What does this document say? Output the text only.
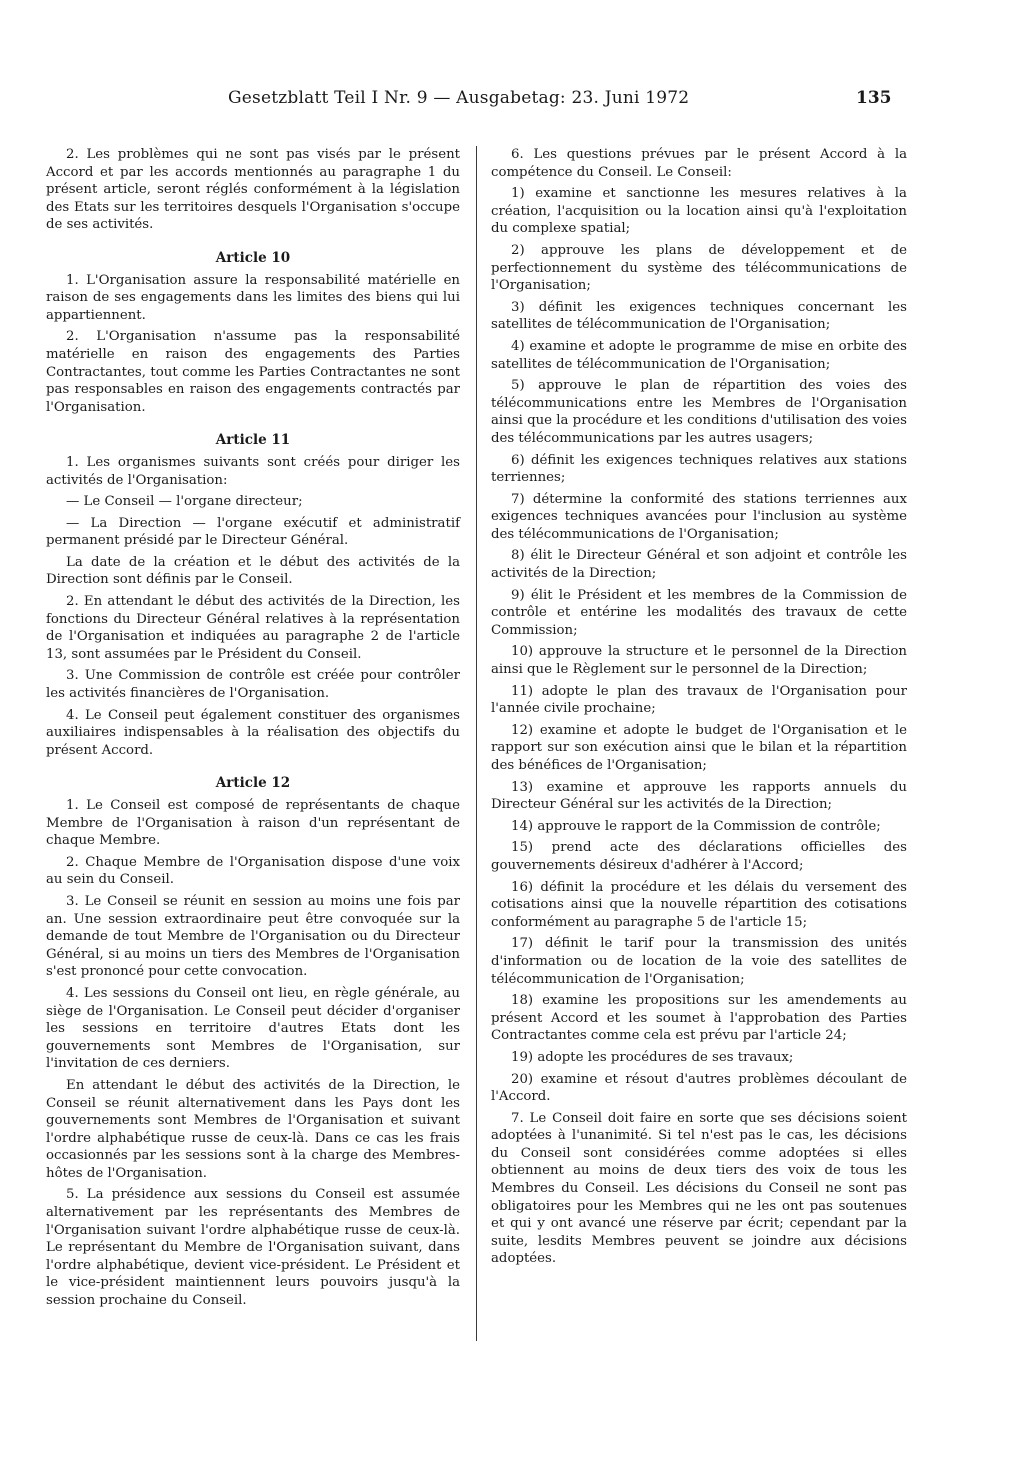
Gesetzblatt Teil I Nr. 9 — Ausgabetag: 23. Juni 1972	135

2. Les problèmes qui ne sont pas visés par le présent Accord et par les accords mentionnés au paragraphe 1 du présent article, seront réglés conformément à la législation des Etats sur les territoires desquels l'Organisation s'occupe de ses activités.

Article 10

1. L'Organisation assure la responsabilité matérielle en raison de ses engagements dans les limites des biens qui lui appartiennent.

2. L'Organisation n'assume pas la responsabilité matérielle en raison des engagements des Parties Contractantes, tout comme les Parties Contractantes ne sont pas responsables en raison des engagements contractés par l'Organisation.

Article 11

1. Les organismes suivants sont créés pour diriger les activités de l'Organisation:

— Le Conseil — l'organe directeur;

— La Direction — l'organe exécutif et administratif permanent présidé par le Directeur Général.

La date de la création et le début des activités de la Direction sont définis par le Conseil.

2. En attendant le début des activités de la Direction, les fonctions du Directeur Général relatives à la représentation de l'Organisation et indiquées au paragraphe 2 de l'article 13, sont assumées par le Président du Conseil.

3. Une Commission de contrôle est créée pour contrôler les activités financières de l'Organisation.

4. Le Conseil peut également constituer des organismes auxiliaires indispensables à la réalisation des objectifs du présent Accord.

Article 12

1. Le Conseil est composé de représentants de chaque Membre de l'Organisation à raison d'un représentant de chaque Membre.

2. Chaque Membre de l'Organisation dispose d'une voix au sein du Conseil.

3. Le Conseil se réunit en session au moins une fois par an. Une session extraordinaire peut être convoquée sur la demande de tout Membre de l'Organisation ou du Directeur Général, si au moins un tiers des Membres de l'Organisation s'est prononcé pour cette convocation.

4. Les sessions du Conseil ont lieu, en règle générale, au siège de l'Organisation. Le Conseil peut décider d'organiser les sessions en territoire d'autres Etats dont les gouvernements sont Membres de l'Organisation, sur l'invitation de ces derniers.

En attendant le début des activités de la Direction, le Conseil se réunit alternativement dans les Pays dont les gouvernements sont Membres de l'Organisation et suivant l'ordre alphabétique russe de ceux-là. Dans ce cas les frais occasionnés par les sessions sont à la charge des Membres-hôtes de l'Organisation.

5. La présidence aux sessions du Conseil est assumée alternativement par les représentants des Membres de l'Organisation suivant l'ordre alphabétique russe de ceux-là. Le représentant du Membre de l'Organisation suivant, dans l'ordre alphabétique, devient vice-président. Le Président et le vice-président maintiennent leurs pouvoirs jusqu'à la session prochaine du Conseil.

6. Les questions prévues par le présent Accord à la compétence du Conseil. Le Conseil:

1) examine et sanctionne les mesures relatives à la création, l'acquisition ou la location ainsi qu'à l'exploitation du complexe spatial;

2) approuve les plans de développement et de perfectionnement du système des télécommunications de l'Organisation;

3) définit les exigences techniques concernant les satellites de télécommunication de l'Organisation;

4) examine et adopte le programme de mise en orbite des satellites de télécommunication de l'Organisation;

5) approuve le plan de répartition des voies des télécommunications entre les Membres de l'Organisation ainsi que la procédure et les conditions d'utilisation des voies des télécommunications par les autres usagers;

6) définit les exigences techniques relatives aux stations terriennes;

7) détermine la conformité des stations terriennes aux exigences techniques avancées pour l'inclusion au système des télécommunications de l'Organisation;

8) élit le Directeur Général et son adjoint et contrôle les activités de la Direction;

9) élit le Président et les membres de la Commission de contrôle et entérine les modalités des travaux de cette Commission;

10) approuve la structure et le personnel de la Direction ainsi que le Règlement sur le personnel de la Direction;

11) adopte le plan des travaux de l'Organisation pour l'année civile prochaine;

12) examine et adopte le budget de l'Organisation et le rapport sur son exécution ainsi que le bilan et la répartition des bénéfices de l'Organisation;

13) examine et approuve les rapports annuels du Directeur Général sur les activités de la Direction;

14) approuve le rapport de la Commission de contrôle;

15) prend acte des déclarations officielles des gouvernements désireux d'adhérer à l'Accord;

16) définit la procédure et les délais du versement des cotisations ainsi que la nouvelle répartition des cotisations conformément au paragraphe 5 de l'article 15;

17) définit le tarif pour la transmission des unités d'information ou de location de la voie des satellites de télécommunication de l'Organisation;

18) examine les propositions sur les amendements au présent Accord et les soumet à l'approbation des Parties Contractantes comme cela est prévu par l'article 24;

19) adopte les procédures de ses travaux;

20) examine et résout d'autres problèmes découlant de l'Accord.

7. Le Conseil doit faire en sorte que ses décisions soient adoptées à l'unanimité. Si tel n'est pas le cas, les décisions du Conseil sont considérées comme adoptées si elles obtiennent au moins de deux tiers des voix de tous les Membres du Conseil. Les décisions du Conseil ne sont pas obligatoires pour les Membres qui ne les ont pas soutenues et qui y ont avancé une réserve par écrit; cependant par la suite, lesdits Membres peuvent se joindre aux décisions adoptées.
